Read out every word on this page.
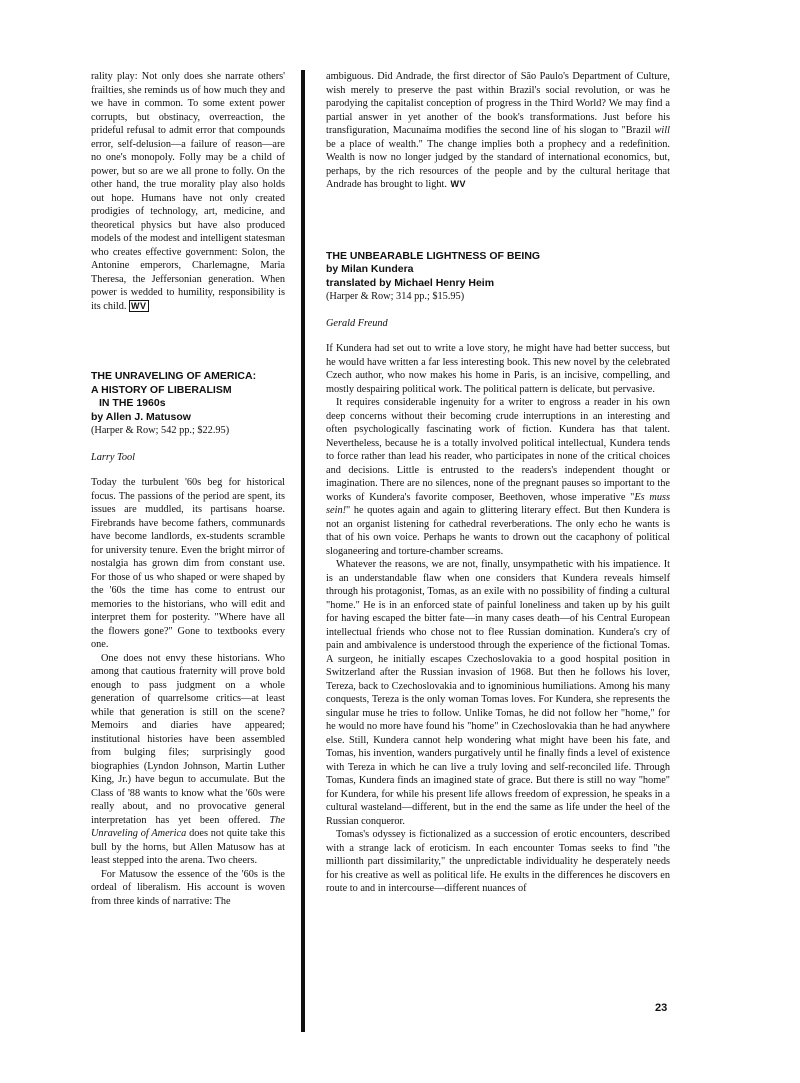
rality play: Not only does she narrate others' frailties, she reminds us of how much they and we have in common. To some extent power corrupts, but obstinacy, overreaction, the prideful refusal to admit error that compounds error, self-delusion—a failure of reason—are no one's monopoly. Folly may be a child of power, but so are we all prone to folly. On the other hand, the true morality play also holds out hope. Humans have not only created prodigies of technology, art, medicine, and theoretical physics but have also produced models of the modest and intelligent statesman who creates effective government: Solon, the Antonine emperors, Charlemagne, Maria Theresa, the Jeffersonian generation. When power is wedded to humility, responsibility is its child. WV

THE UNRAVELING OF AMERICA:
A HISTORY OF LIBERALISM
IN THE 1960s
by Allen J. Matusow

(Harper & Row; 542 pp.; $22.95)

Larry Tool

Today the turbulent '60s beg for historical focus. The passions of the period are spent, its issues are muddled, its partisans hoarse. Firebrands have become fathers, communards have become landlords, ex-students scramble for university tenure. Even the bright mirror of nostalgia has grown dim from constant use. For those of us who shaped or were shaped by the '60s the time has come to entrust our memories to the historians, who will edit and interpret them for posterity. "Where have all the flowers gone?" Gone to textbooks every one.

One does not envy these historians. Who among that cautious fraternity will prove bold enough to pass judgment on a whole generation of quarrelsome critics—at least while that generation is still on the scene? Memoirs and diaries have appeared; institutional histories have been assembled from bulging files; surprisingly good biographies (Lyndon Johnson, Martin Luther King, Jr.) have begun to accumulate. But the Class of '88 wants to know what the '60s were really about, and no provocative general interpretation has yet been offered. The Unraveling of America does not quite take this bull by the horns, but Allen Matusow has at least stepped into the arena. Two cheers.

For Matusow the essence of the '60s is the ordeal of liberalism. His account is woven from three kinds of narrative: The

ambiguous. Did Andrade, the first director of São Paulo's Department of Culture, wish merely to preserve the past within Brazil's social revolution, or was he parodying the capitalist conception of progress in the Third World? We may find a partial answer in yet another of the book's transformations. Just before his transfiguration, Macunaíma modifies the second line of his slogan to "Brazil will be a place of wealth." The change implies both a prophecy and a redefinition. Wealth is now no longer judged by the standard of international economics, but, perhaps, by the rich resources of the people and by the cultural heritage that Andrade has brought to light. WV

THE UNBEARABLE LIGHTNESS OF BEING
by Milan Kundera
translated by Michael Henry Heim

(Harper & Row; 314 pp.; $15.95)

Gerald Freund

If Kundera had set out to write a love story, he might have had better success, but he would have written a far less interesting book. This new novel by the celebrated Czech author, who now makes his home in Paris, is an incisive, compelling, and mostly despairing political work. The political pattern is delicate, but pervasive.

It requires considerable ingenuity for a writer to engross a reader in his own deep concerns without their becoming crude interruptions in an interesting and often psychologically fascinating work of fiction. Kundera has that talent. Nevertheless, because he is a totally involved political intellectual, Kundera tends to force rather than lead his reader, who participates in none of the critical choices and decisions. Little is entrusted to the readers's independent thought or imagination. There are no silences, none of the pregnant pauses so important to the works of Kundera's favorite composer, Beethoven, whose imperative "Es muss sein!" he quotes again and again to glittering literary effect. But then Kundera is not an organist listening for cathedral reverberations. The only echo he wants is that of his own voice. Perhaps he wants to drown out the cacaphony of political sloganeering and torture-chamber screams.

Whatever the reasons, we are not, finally, unsympathetic with his impatience. It is an understandable flaw when one considers that Kundera reveals himself through his protagonist, Tomas, as an exile with no possibility of finding a cultural "home." He is in an enforced state of painful loneliness and taken up by his guilt for having escaped the bitter fate—in many cases death—of his Central European intellectual friends who chose not to flee Russian domination. Kundera's cry of pain and ambivalence is understood through the experience of the fictional Tomas. A surgeon, he initially escapes Czechoslovakia to a good hospital position in Switzerland after the Russian invasion of 1968. But then he follows his lover, Tereza, back to Czechoslovakia and to ignominious humiliations. Among his many conquests, Tereza is the only woman Tomas loves. For Kundera, she represents the singular muse he tries to follow. Unlike Tomas, he did not follow her "home," for he would no more have found his "home" in Czechoslovakia than he had anywhere else. Still, Kundera cannot help wondering what might have been his fate, and Tomas, his invention, wanders purgatively until he finally finds a level of existence with Tereza in which he can live a truly loving and self-reconciled life. Through Tomas, Kundera finds an imagined state of grace. But there is still no way "home" for Kundera, for while his present life allows freedom of expression, he speaks in a cultural wasteland—different, but in the end the same as life under the heel of the Russian conqueror.

Tomas's odyssey is fictionalized as a succession of erotic encounters, described with a strange lack of eroticism. In each encounter Tomas seeks to find "the millionth part dissimilarity," the unpredictable individuality he desperately needs for his creative as well as political life. He exults in the differences he discovers en route to and in intercourse—different nuances of

23
